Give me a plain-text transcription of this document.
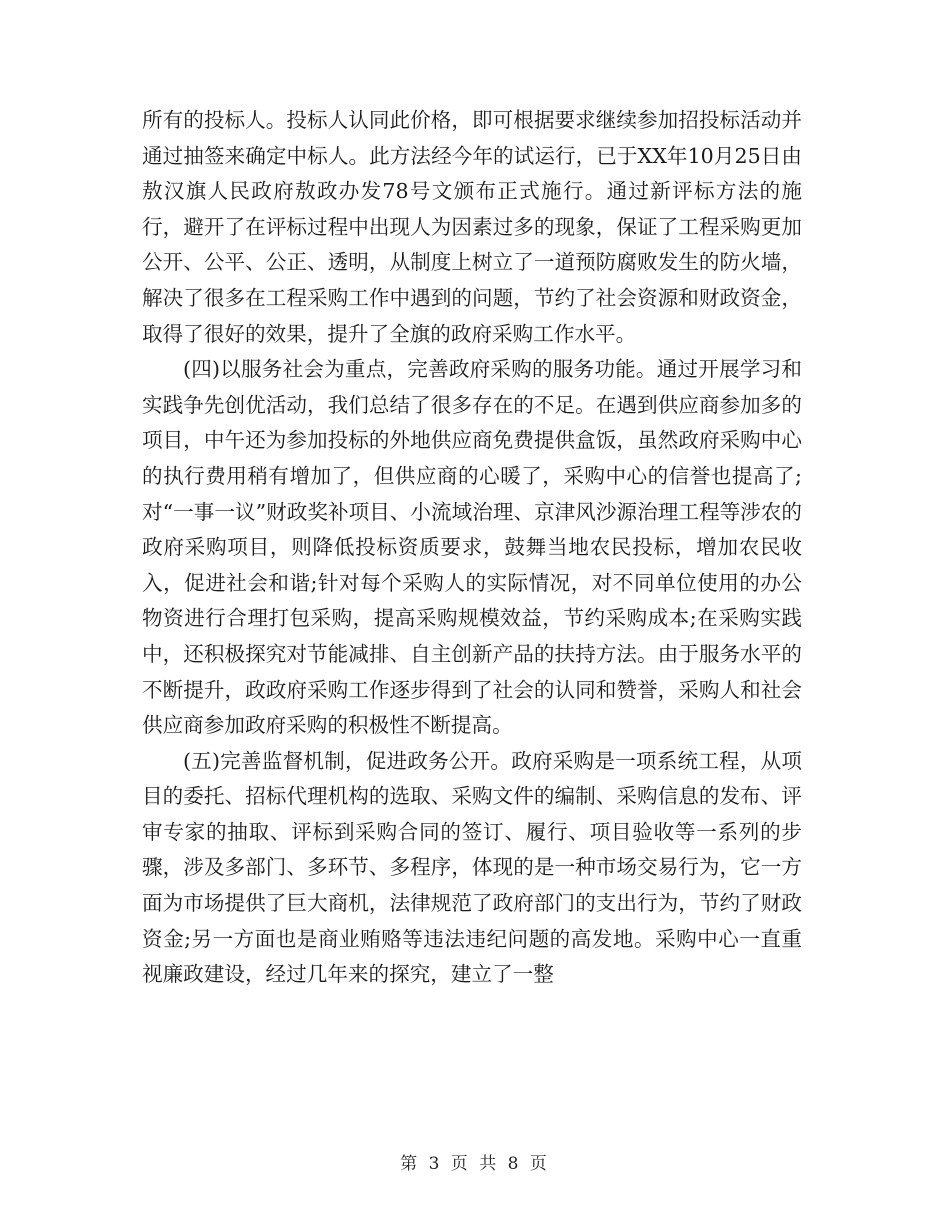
所有的投标人。投标人认同此价格，即可根据要求继续参加招投标活动并通过抽签来确定中标人。此方法经今年的试运行，已于XX年10月25日由敖汉旗人民政府敖政办发78号文颁布正式施行。通过新评标方法的施行，避开了在评标过程中出现人为因素过多的现象，保证了工程采购更加公开、公平、公正、透明，从制度上树立了一道预防腐败发生的防火墙，解决了很多在工程采购工作中遇到的问题，节约了社会资源和财政资金，取得了很好的效果，提升了全旗的政府采购工作水平。

(四)以服务社会为重点，完善政府采购的服务功能。通过开展学习和实践争先创优活动，我们总结了很多存在的不足。在遇到供应商参加多的项目，中午还为参加投标的外地供应商免费提供盒饭，虽然政府采购中心的执行费用稍有增加了，但供应商的心暖了，采购中心的信誉也提高了;对“一事一议”财政奖补项目、小流域治理、京津风沙源治理工程等涉农的政府采购项目，则降低投标资质要求，鼓舞当地农民投标，增加农民收入，促进社会和谐;针对每个采购人的实际情况，对不同单位使用的办公物资进行合理打包采购，提高采购规模效益，节约采购成本;在采购实践中，还积极探究对节能减排、自主创新产品的扶持方法。由于服务水平的不断提升，政政府采购工作逐步得到了社会的认同和赞誉，采购人和社会供应商参加政府采购的积极性不断提高。

(五)完善监督机制，促进政务公开。政府采购是一项系统工程，从项目的委托、招标代理机构的选取、采购文件的编制、采购信息的发布、评审专家的抽取、评标到采购合同的签订、履行、项目验收等一系列的步骤，涉及多部门、多环节、多程序，体现的是一种市场交易行为，它一方面为市场提供了巨大商机，法律规范了政府部门的支出行为，节约了财政资金;另一方面也是商业贿赂等违法违纪问题的高发地。采购中心一直重视廉政建设，经过几年来的探究，建立了一整

第 3 页 共 8 页
